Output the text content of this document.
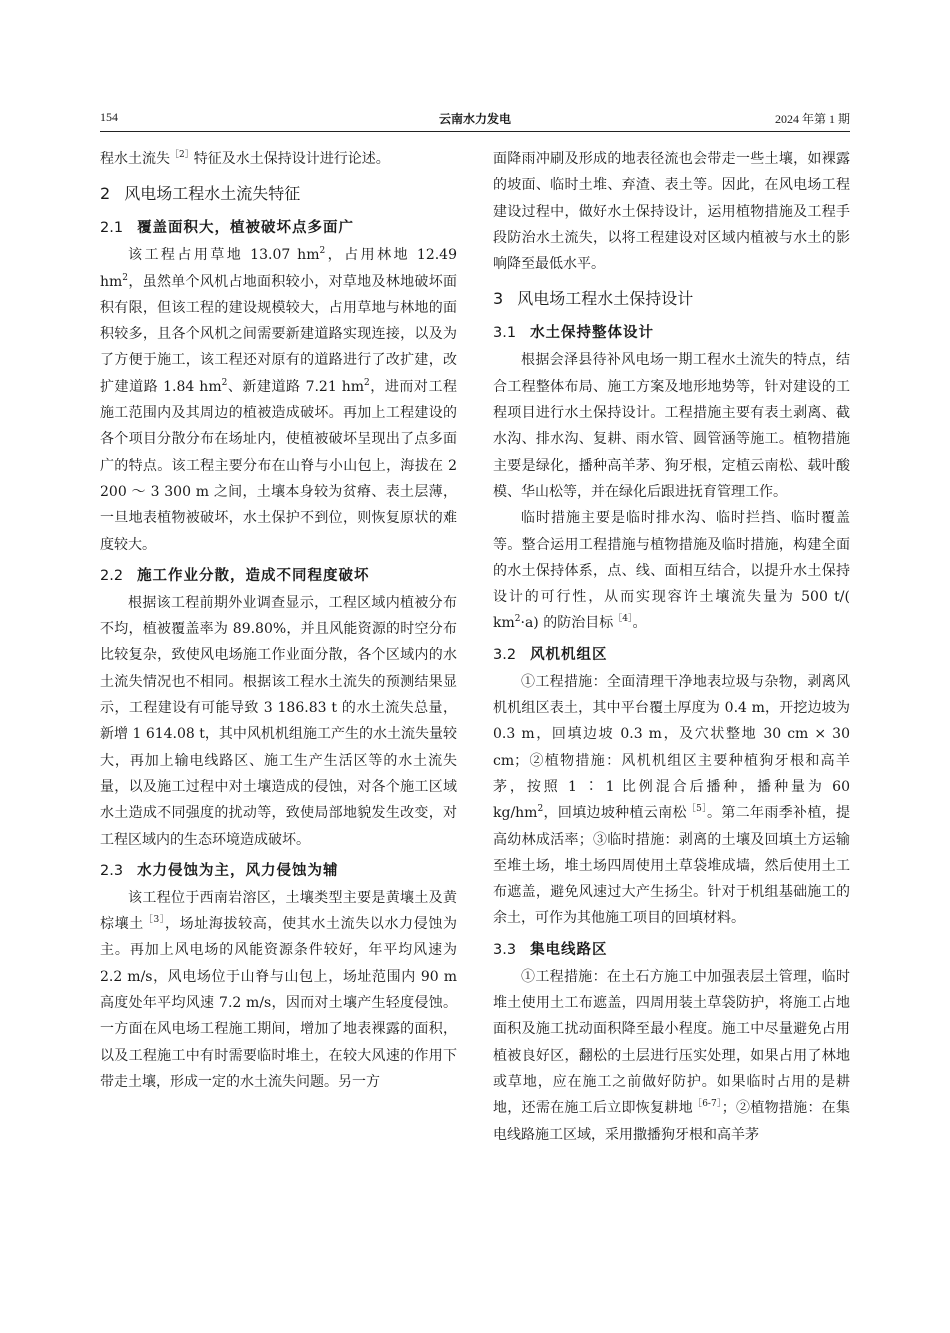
154	云南水力发电	2024 年第 1 期

程水土流失$^{[2]}$特征及水土保持设计进行论述。

2 风电场工程水土流失特征
2.1 覆盖面积大，植被破坏点多面广

该工程占用草地 13.07 $hm^2$，占用林地 12.49 $hm^2$，虽然单个风机占地面积较小，对草地及林地破坏面积有限，但该工程的建设规模较大，占用草地与林地的面积较多，且各个风机之间需要新建道路实现连接，以及为了方便于施工，该工程还对原有的道路进行了改扩建，改扩建道路 1.84 $hm^2$、新建道路 7.21 $hm^2$，进而对工程施工范围内及其周边的植被造成破坏。再加上工程建设的各个项目分散分布在场址内，使植被破坏呈现出了点多面广的特点。该工程主要分布在山脊与小山包上，海拔在 2 200 ～ 3 300 m 之间，土壤本身较为贫瘠、表土层薄，一旦地表植物被破坏，水土保护不到位，则恢复原状的难度较大。

2.2 施工作业分散，造成不同程度破坏

根据该工程前期外业调查显示，工程区域内植被分布不均，植被覆盖率为 89.80%，并且风能资源的时空分布比较复杂，致使风电场施工作业面分散，各个区域内的水土流失情况也不相同。根据该工程水土流失的预测结果显示，工程建设有可能导致 3 186.83 t 的水土流失总量，新增 1 614.08 t，其中风机机组施工产生的水土流失量较大，再加上输电线路区、施工生产生活区等的水土流失量，以及施工过程中对土壤造成的侵蚀，对各个施工区域水土造成不同强度的扰动等，致使局部地貌发生改变，对工程区域内的生态环境造成破坏。

2.3 水力侵蚀为主，风力侵蚀为辅

该工程位于西南岩溶区，土壤类型主要是黄壤土及黄棕壤土$^{[3]}$，场址海拔较高，使其水土流失以水力侵蚀为主。再加上风电场的风能资源条件较好，年平均风速为 2.2 m/s，风电场位于山脊与山包上，场址范围内 90 m 高度处年平均风速 7.2 m/s，因而对土壤产生轻度侵蚀。一方面在风电场工程施工期间，增加了地表裸露的面积，以及工程施工中有时需要临时堆土，在较大风速的作用下带走土壤，形成一定的水土流失问题。另一方

面降雨冲刷及形成的地表径流也会带走一些土壤，如裸露的坡面、临时土堆、弃渣、表土等。因此，在风电场工程建设过程中，做好水土保持设计，运用植物措施及工程手段防治水土流失，以将工程建设对区域内植被与水土的影响降至最低水平。

3 风电场工程水土保持设计
3.1 水土保持整体设计

根据会泽县待补风电场一期工程水土流失的特点，结合工程整体布局、施工方案及地形地势等，针对建设的工程项目进行水土保持设计。工程措施主要有表土剥离、截水沟、排水沟、复耕、雨水管、圆管涵等施工。植物措施主要是绿化，播种高羊茅、狗牙根，定植云南松、载叶酸模、华山松等，并在绿化后跟进抚育管理工作。

临时措施主要是临时排水沟、临时拦挡、临时覆盖等。整合运用工程措施与植物措施及临时措施，构建全面的水土保持体系，点、线、面相互结合，以提升水土保持设计的可行性，从而实现容许土壤流失量为 500 t/( $km^2\cdot a$) 的防治目标$^{[4]}$。

3.2 风机机组区

①工程措施：全面清理干净地表垃圾与杂物，剥离风机机组区表土，其中平台覆土厚度为 0.4 m，开挖边坡为 0.3 m，回填边坡 0.3 m，及穴状整地 30 cm × 30 cm；②植物措施：风机机组区主要种植狗牙根和高羊茅，按照 1 ∶ 1 比例混合后播种，播种量为 60 $kg/hm^2$，回填边坡种植云南松$^{[5]}$。第二年雨季补植，提高幼林成活率；③临时措施：剥离的土壤及回填土方运输至堆土场，堆土场四周使用土草袋堆成墙，然后使用土工布遮盖，避免风速过大产生扬尘。针对于机组基础施工的余土，可作为其他施工项目的回填材料。

3.3 集电线路区

①工程措施：在土石方施工中加强表层土管理，临时堆土使用土工布遮盖，四周用装土草袋防护，将施工占地面积及施工扰动面积降至最小程度。施工中尽量避免占用植被良好区，翻松的土层进行压实处理，如果占用了林地或草地，应在施工之前做好防护。如果临时占用的是耕地，还需在施工后立即恢复耕地$^{[6-7]}$；②植物措施：在集电线路施工区域，采用撒播狗牙根和高羊茅
